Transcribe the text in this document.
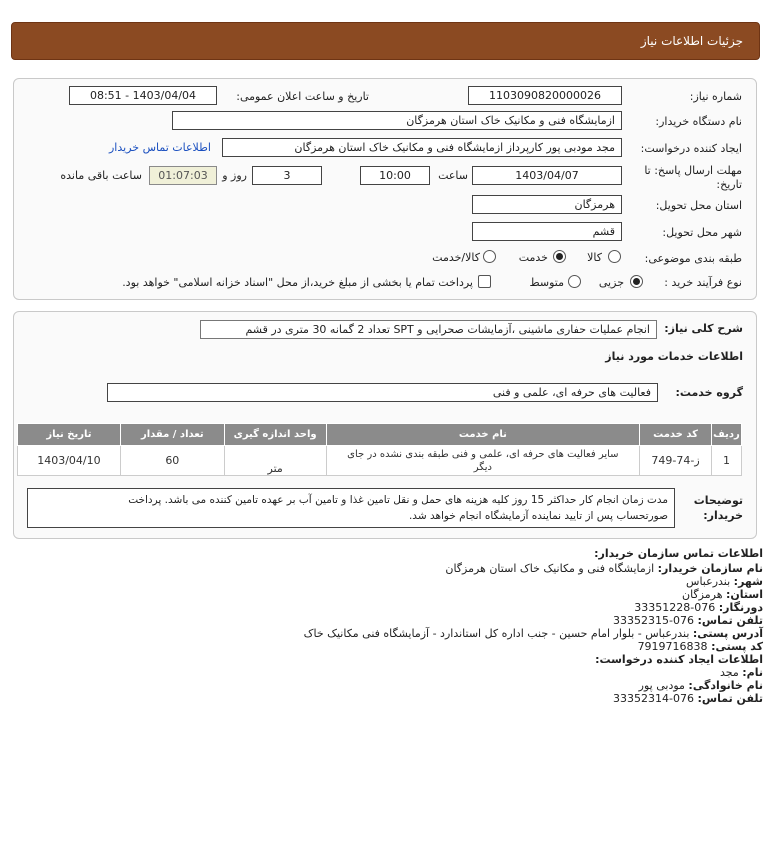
جزئیات اطلاعات نیاز
شماره نیاز:
1103090820000026
تاریخ و ساعت اعلان عمومی:
1403/04/04 - 08:51
نام دستگاه خریدار:
ازمایشگاه فنی و مکانیک خاک استان هرمزگان
ایجاد کننده درخواست:
مجد مودبی پور کارپرداز ازمایشگاه فنی و مکانیک خاک استان هرمزگان
اطلاعات تماس خریدار
مهلت ارسال پاسخ: تا
تاریخ:
1403/04/07
ساعت
10:00
3
روز و
01:07:03
ساعت باقی مانده
استان محل تحویل:
هرمزگان
شهر محل تحویل:
قشم
طبقه بندی موضوعی:
کالا
خدمت
کالا/خدمت
نوع فرآیند خرید :
جزیی
متوسط
پرداخت تمام یا بخشی از مبلغ خرید،از محل "اسناد خزانه اسلامی" خواهد بود.
شرح کلی نیاز:
انجام عملیات حفاری ماشینی ،آزمایشات صحرایی و SPT تعداد 2 گمانه 30 متری در قشم
اطلاعات خدمات مورد نیاز
گروه خدمت:
فعالیت های حرفه ای، علمی و فنی
ردیف	کد خدمت	نام خدمت	واحد اندازه گیری	تعداد / مقدار	تاریخ نیاز
1	ز-74-749	سایر فعالیت های حرفه ای، علمی و فنی طبقه بندی نشده در جای دیگر	متر	60	1403/04/10
توضیحات
خریدار:
مدت زمان انجام کار حداکثر 15 روز کلیه هزینه های حمل و نقل تامین غذا و تامین آب بر عهده تامین کننده می باشد. پرداخت
صورتحساب پس از تایید نماینده آزمایشگاه انجام خواهد شد.
اطلاعات تماس سازمان خریدار:
نام سازمان خریدار: ازمایشگاه فنی و مکانیک خاک استان هرمزگان
شهر: بندرعباس
استان: هرمزگان
دورنگار: 076-33351228
تلفن تماس: 076-33352315
آدرس پستی: بندرعباس - بلوار امام حسین - جنب اداره کل استاندارد - آزمایشگاه فنی مکانیک خاک
کد پستی: 7919716838
اطلاعات ایجاد کننده درخواست:
نام: مجد
نام خانوادگی: مودبی پور
تلفن تماس: 076-33352314
